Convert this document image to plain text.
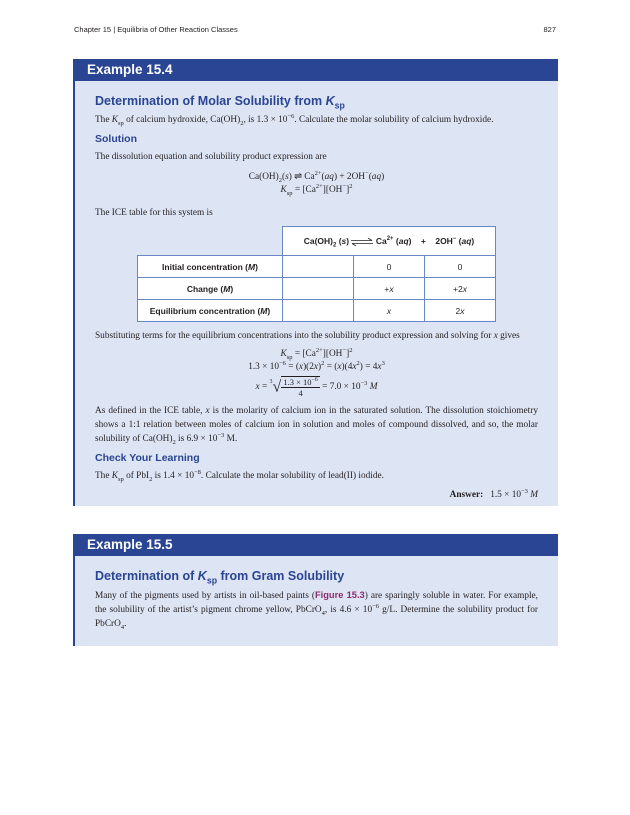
Chapter 15 | Equilibria of Other Reaction Classes	827
Example 15.4
Determination of Molar Solubility from $K_{sp}$

The $K_{sp}$ of calcium hydroxide, $Ca(OH)_2$, is $1.3 \times 10^{-6}$. Calculate the molar solubility of calcium hydroxide.

Solution

The dissolution equation and solubility product expression are

$Ca(OH)_2(s)$ ⇌ $Ca^{2+}(aq) + 2OH^-(aq)$
$K_{sp} = [Ca^{2+}][OH^-]^2$

The ICE table for this system is

	$Ca(OH)_2$ (s) ⇌ $Ca^{2+}$ (aq)    +    2OH− (aq)		
Initial concentration (M)		0	0
Change (M)		+x	+2x
Equilibrium concentration (M)		x	2x

Substituting terms for the equilibrium concentrations into the solubility product expression and solving for x gives

$K_{sp} = [Ca^{2+}][OH^-]^2$
$1.3 \times 10^{-6} = (x)(2x)^2 = (x)(4x^2) = 4x^3$
$x = ^3√ \frac{1.3 \times 10^{-6}}{4} = 7.0 \times 10^{-3}$ M

As defined in the ICE table, x is the molarity of calcium ion in the saturated solution. The dissolution stoichiometry shows a 1:1 relation between moles of calcium ion in solution and moles of compound dissolved, and so, the molar solubility of $Ca(OH)_2$ is $6.9 \times 10^{-3}$ M.

Check Your Learning

The $K_{sp}$ of PbI$_2$ is $1.4 \times 10^{-8}$. Calculate the molar solubility of lead(II) iodide.

Answer: $1.5 \times 10^{-3}$ M
Example 15.5
Determination of $K_{sp}$ from Gram Solubility

Many of the pigments used by artists in oil-based paints (Figure 15.3) are sparingly soluble in water. For example, the solubility of the artist’s pigment chrome yellow, PbCrO$_4$, is $4.6 \times 10^{-6}$ g/L. Determine the solubility product for PbCrO$_4$.
